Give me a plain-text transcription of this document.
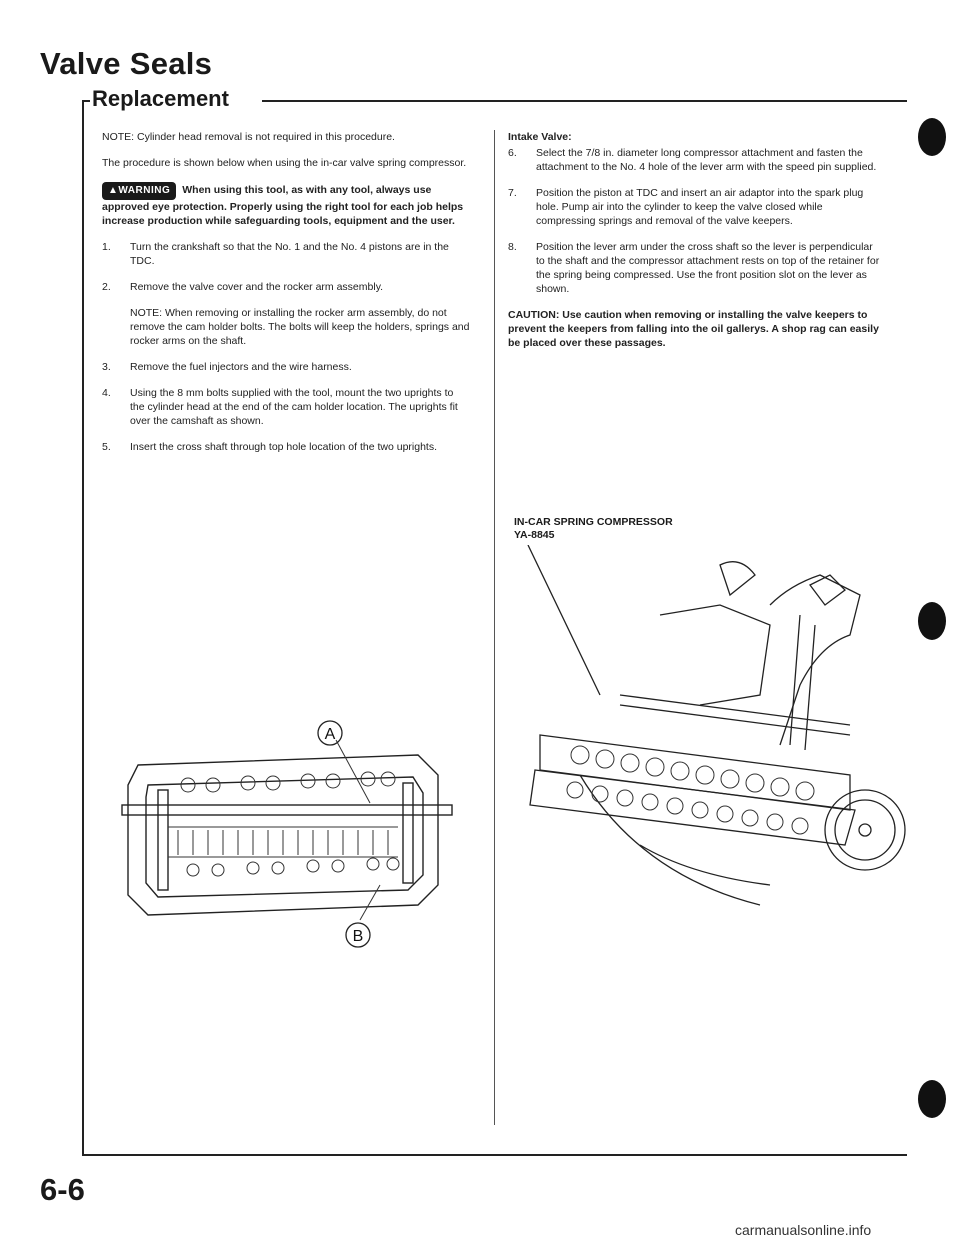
Valve Seals
Replacement

NOTE: Cylinder head removal is not required in this procedure.

The procedure is shown below when using the in-car valve spring compressor.

▲WARNING When using this tool, as with any tool, always use approved eye protection. Properly using the right tool for each job helps increase production while safeguarding tools, equipment and the user.

1.	Turn the crankshaft so that the No. 1 and the No. 4 pistons are in the TDC.
2.	Remove the valve cover and the rocker arm assembly.

NOTE: When removing or installing the rocker arm assembly, do not remove the cam holder bolts. The bolts will keep the holders, springs and rocker arms on the shaft.

3.	Remove the fuel injectors and the wire harness.
4.	Using the 8 mm bolts supplied with the tool, mount the two uprights to the cylinder head at the end of the cam holder location. The uprights fit over the camshaft as shown.
5.	Insert the cross shaft through top hole location of the two uprights.
A
B
Intake Valve:
6.	Select the 7/8 in. diameter long compressor attachment and fasten the attachment to the No. 4 hole of the lever arm with the speed pin supplied.
7.	Position the piston at TDC and insert an air adaptor into the spark plug hole. Pump air into the cylinder to keep the valve closed while compressing springs and removal of the valve keepers.
8.	Position the lever arm under the cross shaft so the lever is perpendicular to the shaft and the compressor attachment rests on top of the retainer for the spring being compressed. Use the front position slot on the lever as shown.

CAUTION: Use caution when removing or installing the valve keepers to prevent the keepers from falling into the oil gallerys. A shop rag can easily be placed over these passages.

IN-CAR SPRING COMPRESSOR
YA-8845
6-6
carmanualsonline.info
